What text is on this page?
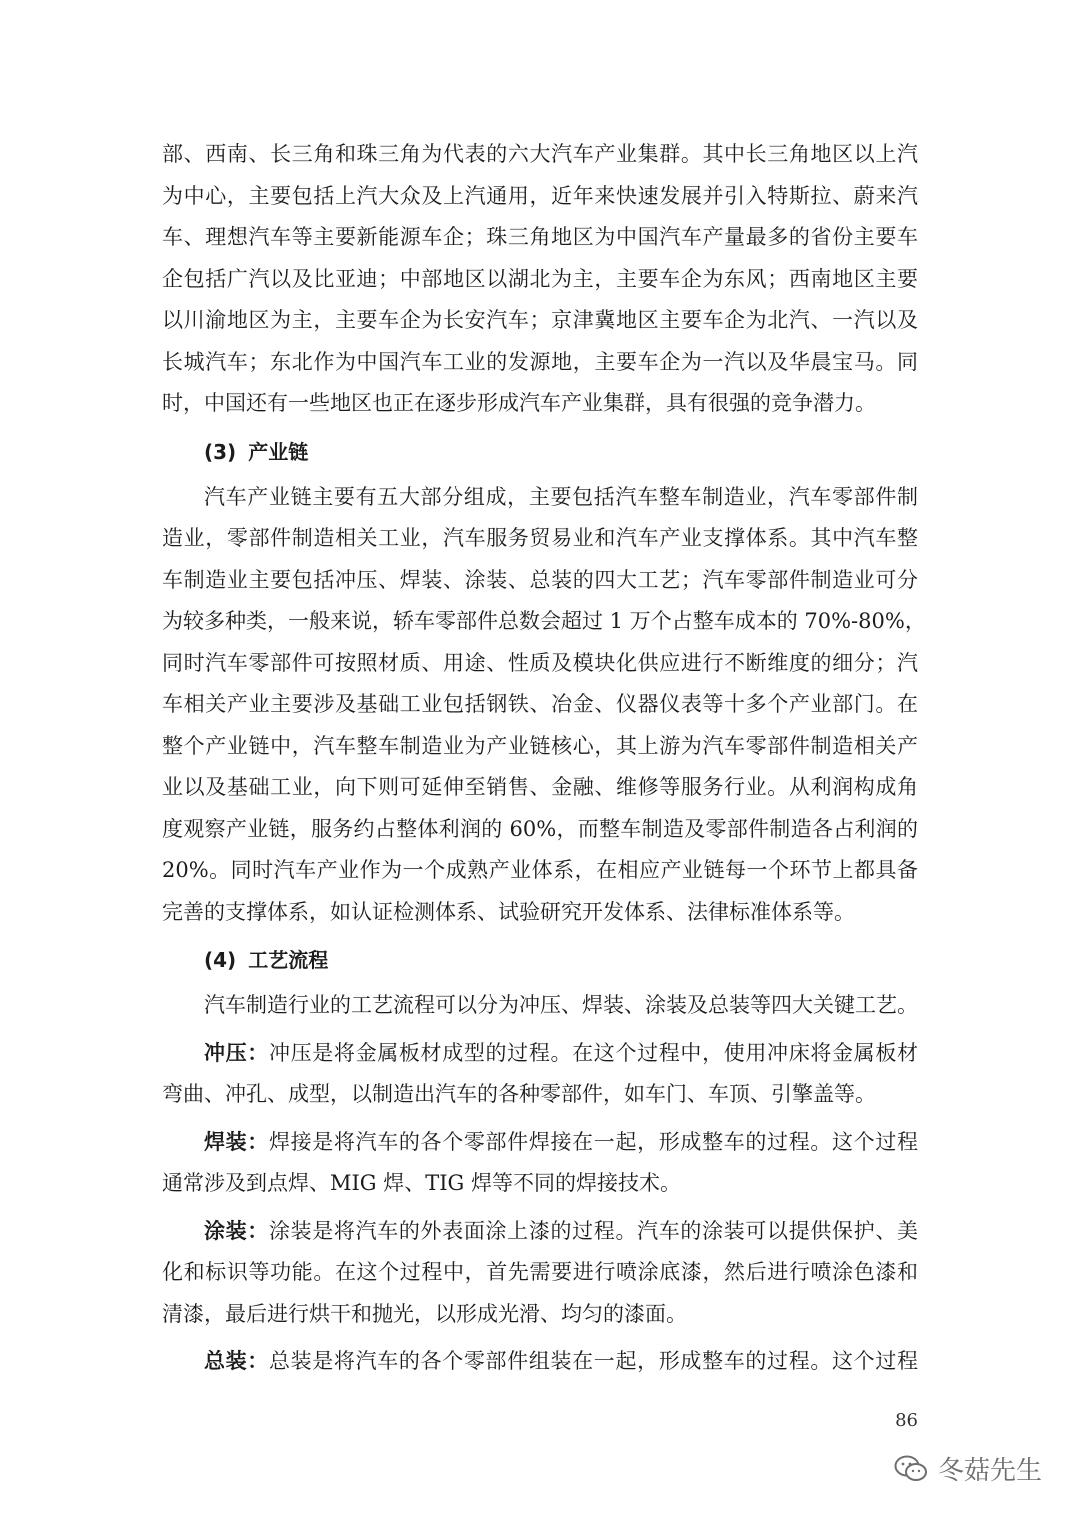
部、西南、长三角和珠三角为代表的六大汽车产业集群。其中长三角地区以上汽
为中心，主要包括上汽大众及上汽通用，近年来快速发展并引入特斯拉、蔚来汽
车、理想汽车等主要新能源车企；珠三角地区为中国汽车产量最多的省份主要车
企包括广汽以及比亚迪；中部地区以湖北为主，主要车企为东风；西南地区主要
以川渝地区为主，主要车企为长安汽车；京津冀地区主要车企为北汽、一汽以及
长城汽车；东北作为中国汽车工业的发源地，主要车企为一汽以及华晨宝马。同
时，中国还有一些地区也正在逐步形成汽车产业集群，具有很强的竞争潜力。
(3) 产业链
汽车产业链主要有五大部分组成，主要包括汽车整车制造业，汽车零部件制
造业，零部件制造相关工业，汽车服务贸易业和汽车产业支撑体系。其中汽车整
车制造业主要包括冲压、焊装、涂装、总装的四大工艺；汽车零部件制造业可分
为较多种类，一般来说，轿车零部件总数会超过 1 万个占整车成本的 70%-80%，
同时汽车零部件可按照材质、用途、性质及模块化供应进行不断维度的细分；汽
车相关产业主要涉及基础工业包括钢铁、冶金、仪器仪表等十多个产业部门。在
整个产业链中，汽车整车制造业为产业链核心，其上游为汽车零部件制造相关产
业以及基础工业，向下则可延伸至销售、金融、维修等服务行业。从利润构成角
度观察产业链，服务约占整体利润的 60%，而整车制造及零部件制造各占利润的
20%。同时汽车产业作为一个成熟产业体系，在相应产业链每一个环节上都具备
完善的支撑体系，如认证检测体系、试验研究开发体系、法律标准体系等。
(4) 工艺流程
汽车制造行业的工艺流程可以分为冲压、焊装、涂装及总装等四大关键工艺。
冲压：冲压是将金属板材成型的过程。在这个过程中，使用冲床将金属板材
弯曲、冲孔、成型，以制造出汽车的各种零部件，如车门、车顶、引擎盖等。
焊装：焊接是将汽车的各个零部件焊接在一起，形成整车的过程。这个过程
通常涉及到点焊、MIG 焊、TIG 焊等不同的焊接技术。
涂装：涂装是将汽车的外表面涂上漆的过程。汽车的涂装可以提供保护、美
化和标识等功能。在这个过程中，首先需要进行喷涂底漆，然后进行喷涂色漆和
清漆，最后进行烘干和抛光，以形成光滑、均匀的漆面。
总装：总装是将汽车的各个零部件组装在一起，形成整车的过程。这个过程
86
冬菇先生
